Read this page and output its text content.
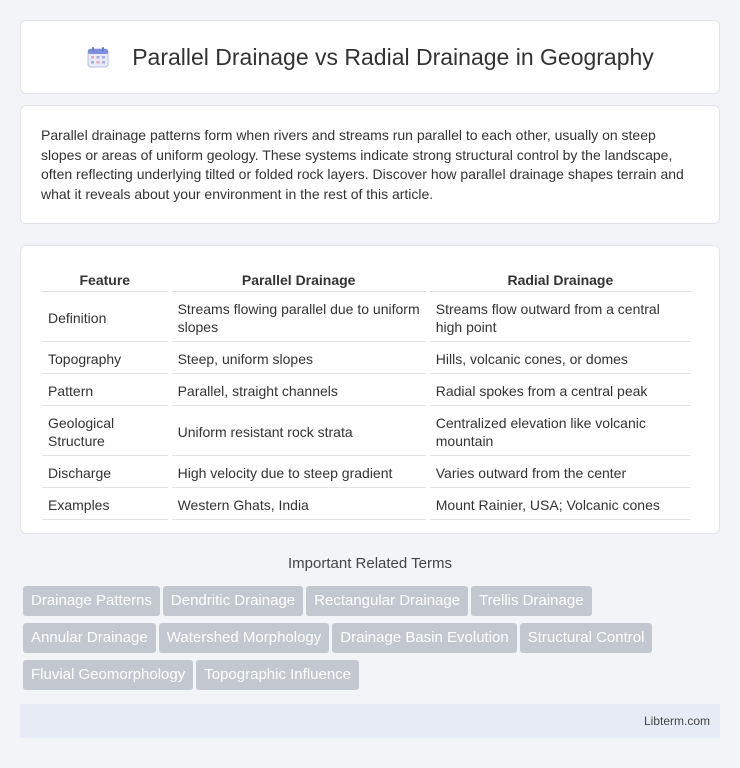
Parallel Drainage vs Radial Drainage in Geography

Parallel drainage patterns form when rivers and streams run parallel to each other, usually on steep slopes or areas of uniform geology. These systems indicate strong structural control by the landscape, often reflecting underlying tilted or folded rock layers. Discover how parallel drainage shapes terrain and what it reveals about your environment in the rest of this article.

Feature	Parallel Drainage	Radial Drainage
Definition	Streams flowing parallel due to uniform slopes	Streams flow outward from a central high point
Topography	Steep, uniform slopes	Hills, volcanic cones, or domes
Pattern	Parallel, straight channels	Radial spokes from a central peak
Geological Structure	Uniform resistant rock strata	Centralized elevation like volcanic mountain
Discharge	High velocity due to steep gradient	Varies outward from the center
Examples	Western Ghats, India	Mount Rainier, USA; Volcanic cones
Important Related Terms
Drainage Patterns Dendritic Drainage Rectangular Drainage Trellis Drainage
Annular Drainage Watershed Morphology Drainage Basin Evolution Structural Control
Fluvial Geomorphology Topographic Influence
Libterm.com
